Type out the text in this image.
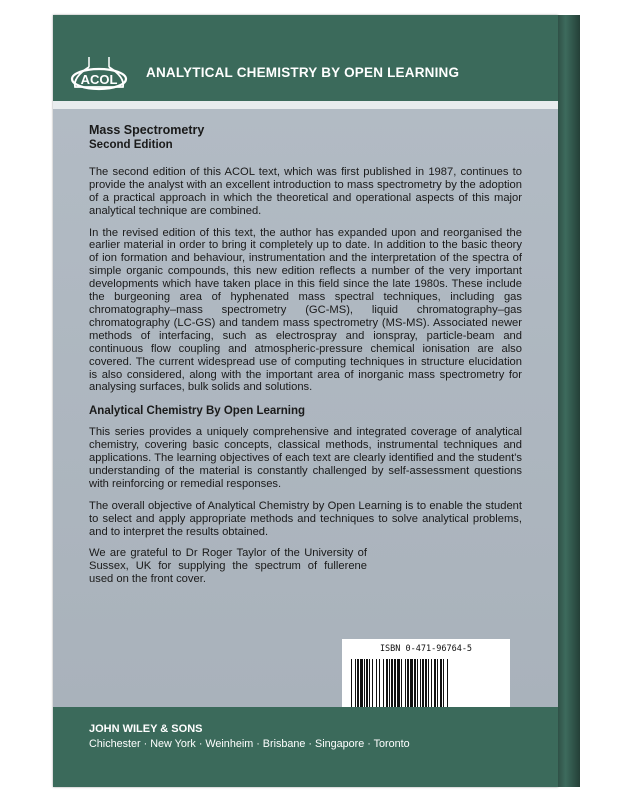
ACOL ANALYTICAL CHEMISTRY BY OPEN LEARNING

Mass Spectrometry

Second Edition

The second edition of this ACOL text, which was first published in 1987, continues to provide the analyst with an excellent introduction to mass spectrometry by the adoption of a practical approach in which the theoretical and operational aspects of this major analytical technique are combined.

In the revised edition of this text, the author has expanded upon and reorganised the earlier material in order to bring it completely up to date. In addition to the basic theory of ion formation and behaviour, instrumentation and the interpretation of the spectra of simple organic compounds, this new edition reflects a number of the very important developments which have taken place in this field since the late 1980s. These include the burgeoning area of hyphenated mass spectral techniques, including gas chromatography–mass spectrometry (GC-MS), liquid chromatography–gas chromatography (LC-GS) and tandem mass spectrometry (MS-MS). Associated newer methods of interfacing, such as electrospray and ionspray, particle-beam and continuous flow coupling and atmospheric-pressure chemical ionisation are also covered. The current widespread use of computing techniques in structure elucidation is also considered, along with the important area of inorganic mass spectrometry for analysing surfaces, bulk solids and solutions.

Analytical Chemistry By Open Learning

This series provides a uniquely comprehensive and integrated coverage of analytical chemistry, covering basic concepts, classical methods, instrumental techniques and applications. The learning objectives of each text are clearly identified and the student's understanding of the material is constantly challenged by self-assessment questions with reinforcing or remedial responses.

The overall objective of Analytical Chemistry by Open Learning is to enable the student to select and apply appropriate methods and techniques to solve analytical problems, and to interpret the results obtained.

We are grateful to Dr Roger Taylor of the University of Sussex, UK for supplying the spectrum of fullerene used on the front cover.

ISBN 0-471-96764-5
JOHN WILEY & SONS
Chichester · New York · Weinheim · Brisbane · Singapore · Toronto
